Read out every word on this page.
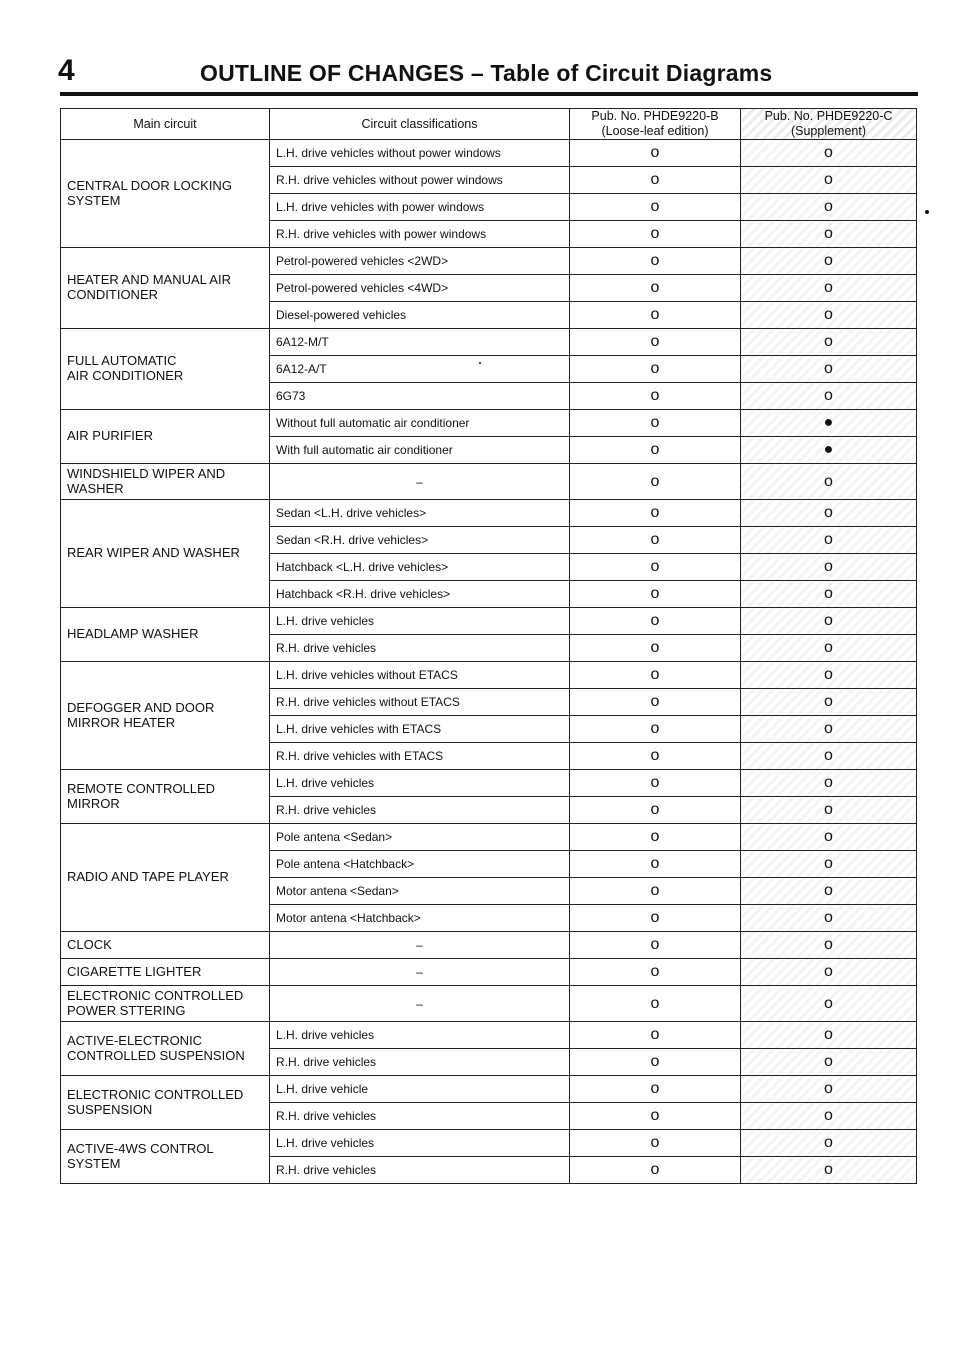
4	OUTLINE OF CHANGES – Table of Circuit Diagrams
Main circuit	Circuit classifications	Pub. No. PHDE9220-B
(Loose-leaf edition)	Pub. No. PHDE9220-C
(Supplement)
CENTRAL DOOR LOCKING
SYSTEM	L.H. drive vehicles without power windows	o	o
	R.H. drive vehicles without power windows	o	o
	L.H. drive vehicles with power windows	o	o
	R.H. drive vehicles with power windows	o	o
HEATER AND MANUAL AIR
CONDITIONER	Petrol-powered vehicles <2WD>	o	o
	Petrol-powered vehicles <4WD>	o	o
	Diesel-powered vehicles	o	o
FULL AUTOMATIC
AIR CONDITIONER	6A12-M/T	o	o
	6A12-A/T	o	o
	6G73	o	o
AIR PURIFIER	Without full automatic air conditioner	o	●
	With full automatic air conditioner	o	●
WINDSHIELD WIPER AND
WASHER	–	o	o
REAR WIPER AND WASHER	Sedan <L.H. drive vehicles>	o	o
	Sedan <R.H. drive vehicles>	o	o
	Hatchback <L.H. drive vehicles>	o	o
	Hatchback <R.H. drive vehicles>	o	o
HEADLAMP WASHER	L.H. drive vehicles	o	o
	R.H. drive vehicles	o	o
DEFOGGER AND DOOR
MIRROR HEATER	L.H. drive vehicles without ETACS	o	o
	R.H. drive vehicles without ETACS	o	o
	L.H. drive vehicles with ETACS	o	o
	R.H. drive vehicles with ETACS	o	o
REMOTE CONTROLLED
MIRROR	L.H. drive vehicles	o	o
	R.H. drive vehicles	o	o
RADIO AND TAPE PLAYER	Pole antena <Sedan>	o	o
	Pole antena <Hatchback>	o	o
	Motor antena <Sedan>	o	o
	Motor antena <Hatchback>	o	o
CLOCK	–	o	o
CIGARETTE LIGHTER	–	o	o
ELECTRONIC CONTROLLED
POWER STTERING	–	o	o
ACTIVE-ELECTRONIC
CONTROLLED SUSPENSION	L.H. drive vehicles	o	o
	R.H. drive vehicles	o	o
ELECTRONIC CONTROLLED
SUSPENSION	L.H. drive vehicle	o	o
	R.H. drive vehicles	o	o
ACTIVE-4WS CONTROL
SYSTEM	L.H. drive vehicles	o	o
	R.H. drive vehicles	o	o
